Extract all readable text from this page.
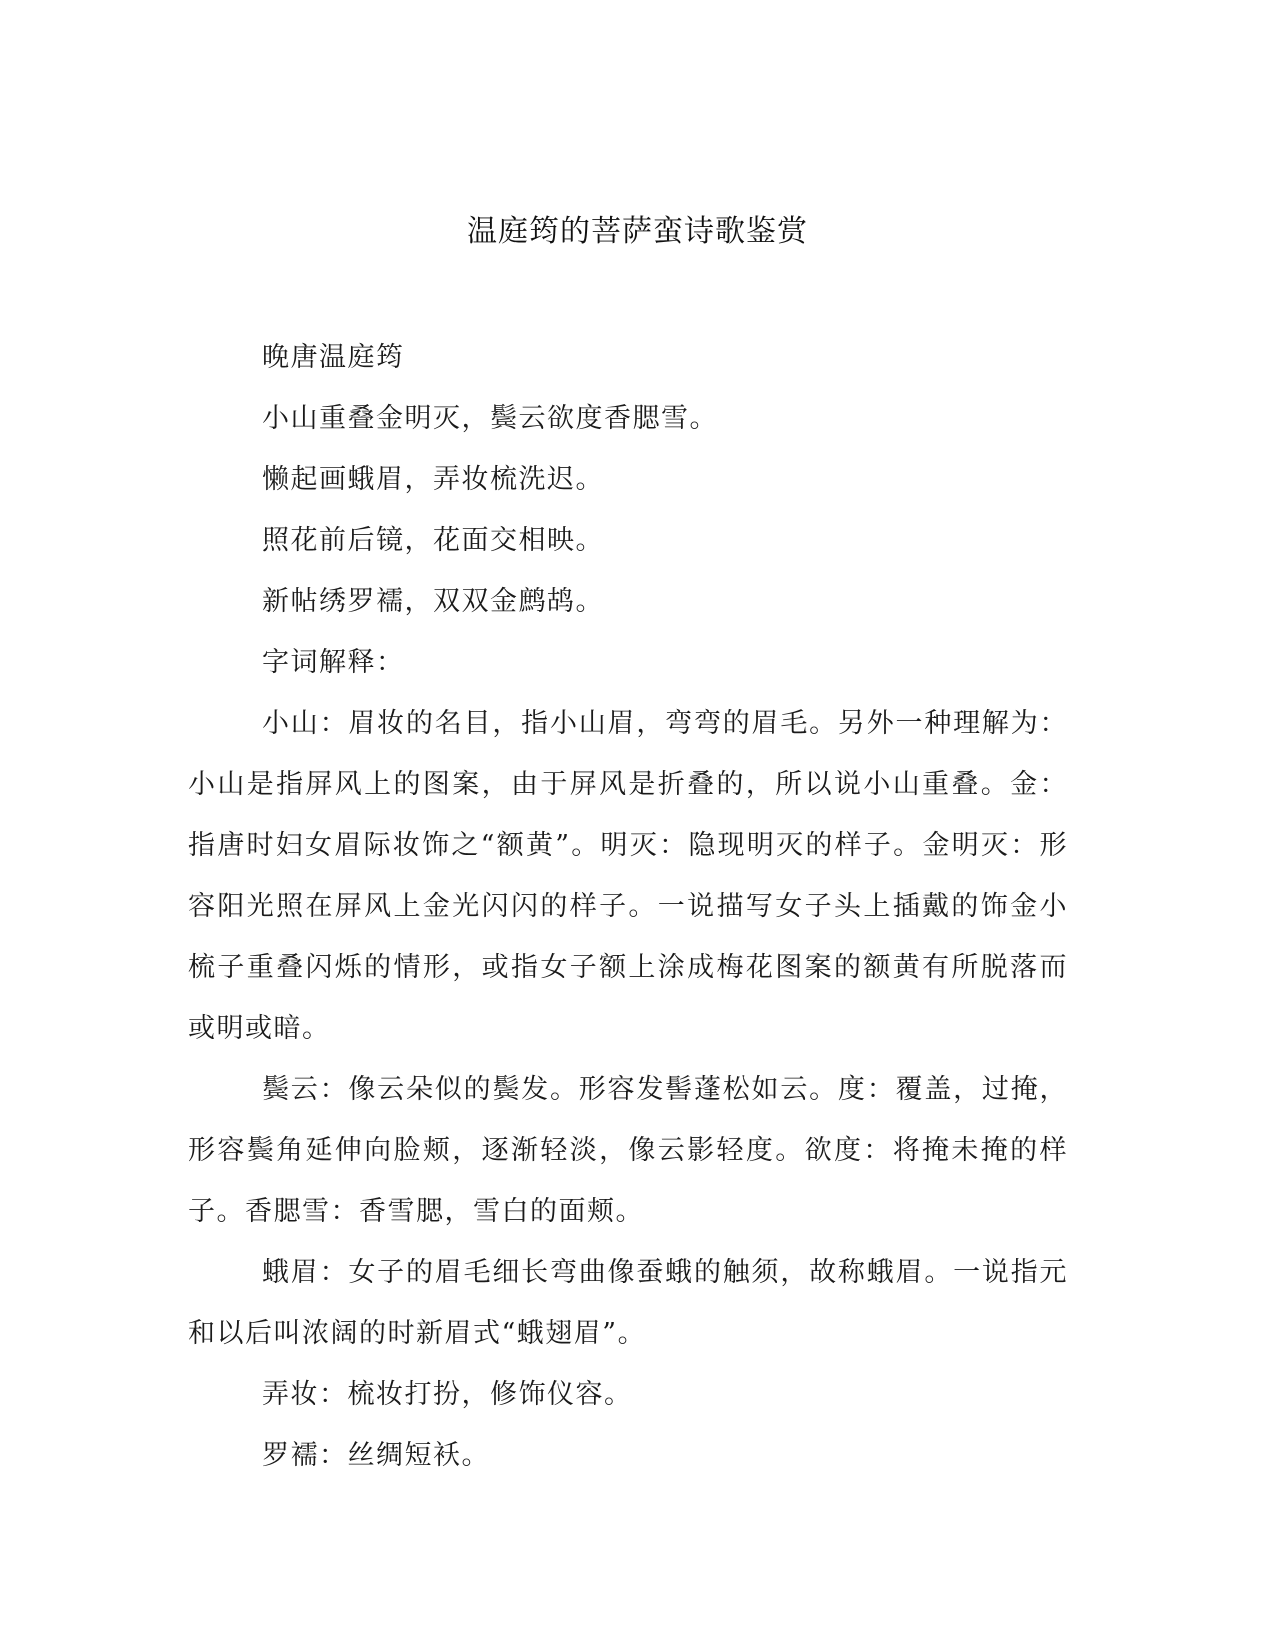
温庭筠的菩萨蛮诗歌鉴赏
晚唐温庭筠
小山重叠金明灭，鬓云欲度香腮雪。
懒起画蛾眉，弄妆梳洗迟。
照花前后镜，花面交相映。
新帖绣罗襦，双双金鹧鸪。
字词解释：
小山：眉妆的名目，指小山眉，弯弯的眉毛。另外一种理解为：
小山是指屏风上的图案，由于屏风是折叠的，所以说小山重叠。金：
指唐时妇女眉际妆饰之“额黄”。明灭：隐现明灭的样子。金明灭：形
容阳光照在屏风上金光闪闪的样子。一说描写女子头上插戴的饰金小
梳子重叠闪烁的情形，或指女子额上涂成梅花图案的额黄有所脱落而
或明或暗。
鬓云：像云朵似的鬓发。形容发髻蓬松如云。度：覆盖，过掩，
形容鬓角延伸向脸颊，逐渐轻淡，像云影轻度。欲度：将掩未掩的样
子。香腮雪：香雪腮，雪白的面颊。
蛾眉：女子的眉毛细长弯曲像蚕蛾的触须，故称蛾眉。一说指元
和以后叫浓阔的时新眉式“蛾翅眉”。
弄妆：梳妆打扮，修饰仪容。
罗襦：丝绸短袄。
